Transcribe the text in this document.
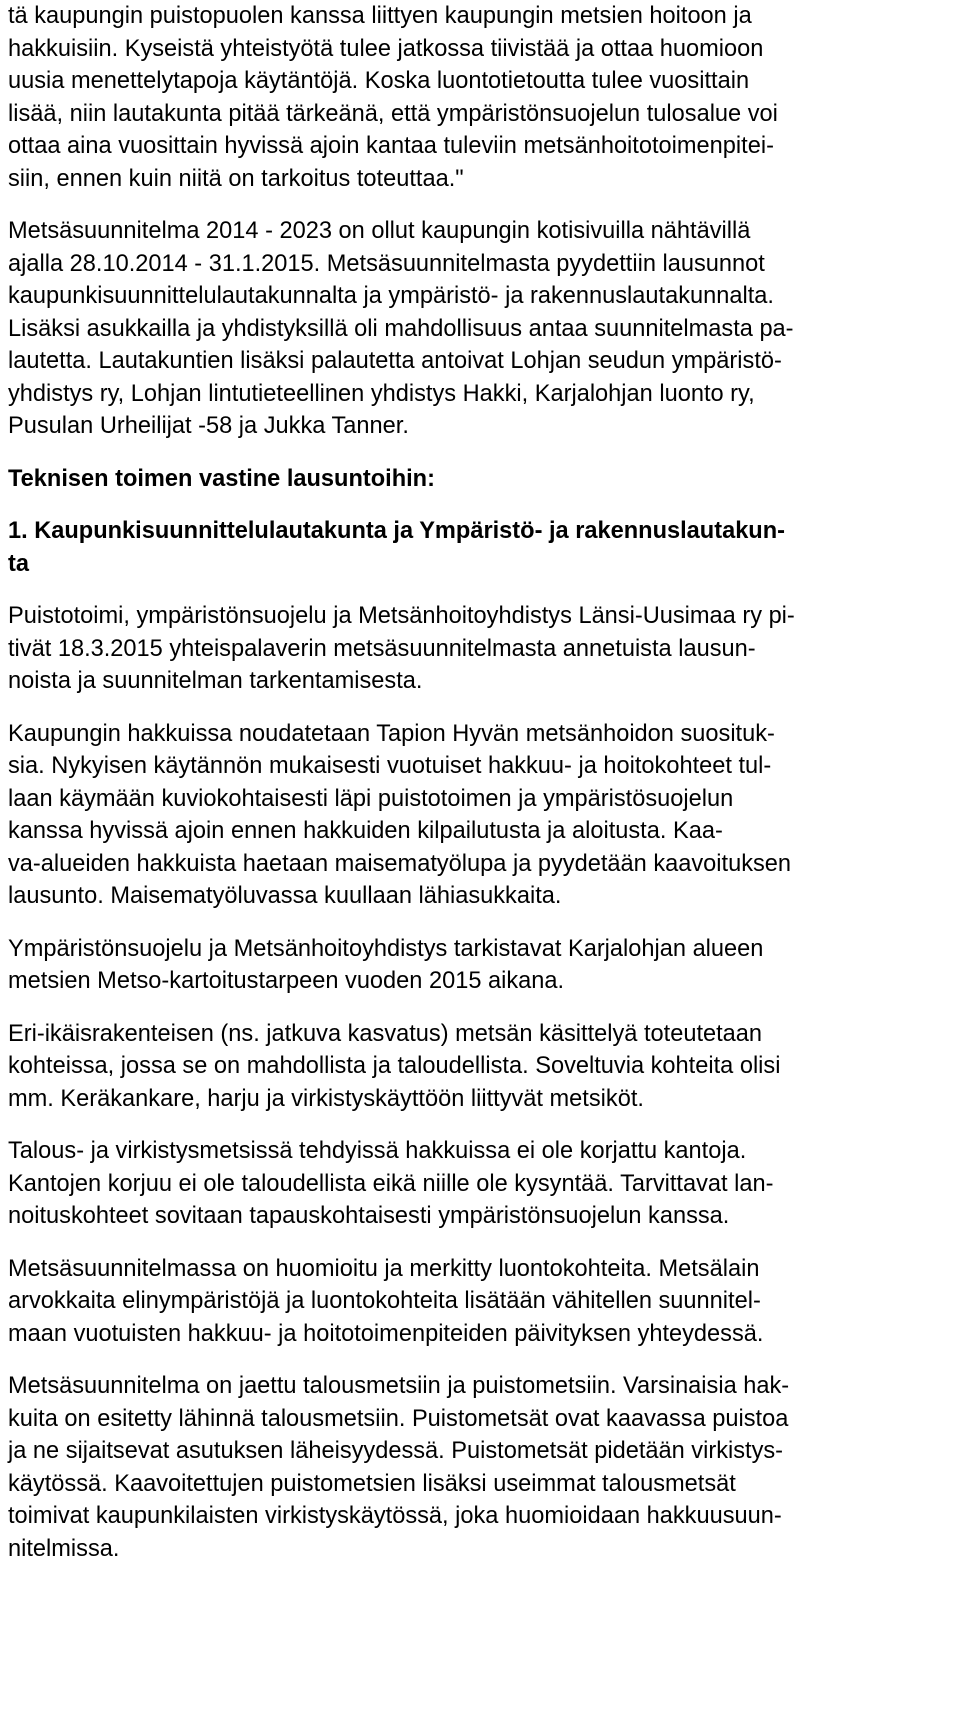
tä kaupungin puistopuolen kanssa liittyen kaupungin metsien hoitoon ja
hakkuisiin. Kyseistä yhteistyötä tulee jatkossa tiivistää ja ottaa huomioon
uusia menettelytapoja käytäntöjä. Koska luontotietoutta tulee vuosittain
lisää, niin lautakunta pitää tärkeänä, että ympäristönsuojelun tulosalue voi
ottaa aina vuosittain hyvissä ajoin kantaa tuleviin metsänhoitotoimenpitei-
siin, ennen kuin niitä on tarkoitus toteuttaa."
Metsäsuunnitelma 2014 - 2023 on ollut kaupungin kotisivuilla nähtävillä
ajalla 28.10.2014 - 31.1.2015. Metsäsuunnitelmasta pyydettiin lausunnot
kaupunkisuunnittelulautakunnalta ja ympäristö- ja rakennuslautakunnalta.
Lisäksi asukkailla ja yhdistyksillä oli mahdollisuus antaa suunnitelmasta pa-
lautetta. Lautakuntien lisäksi palautetta antoivat Lohjan seudun ympäristö-
yhdistys ry, Lohjan lintutieteellinen yhdistys Hakki, Karjalohjan luonto ry,
Pusulan Urheilijat -58 ja Jukka Tanner.
Teknisen toimen vastine lausuntoihin:
1. Kaupunkisuunnittelulautakunta ja Ympäristö- ja rakennuslautakun-
ta
Puistotoimi, ympäristönsuojelu ja Metsänhoitoyhdistys Länsi-Uusimaa ry pi-
tivät 18.3.2015 yhteispalaverin metsäsuunnitelmasta annetuista lausun-
noista ja suunnitelman tarkentamisesta.
Kaupungin hakkuissa noudatetaan Tapion Hyvän metsänhoidon suosituk-
sia. Nykyisen käytännön mukaisesti vuotuiset hakkuu- ja hoitokohteet tul-
laan käymään kuviokohtaisesti läpi puistotoimen ja ympäristösuojelun
kanssa hyvissä ajoin ennen hakkuiden kilpailutusta ja aloitusta. Kaa-
va-alueiden hakkuista haetaan maisematyölupa ja pyydetään kaavoituksen
lausunto. Maisematyöluvassa kuullaan lähiasukkaita.
Ympäristönsuojelu ja Metsänhoitoyhdistys tarkistavat Karjalohjan alueen
metsien Metso-kartoitustarpeen vuoden 2015 aikana.
Eri-ikäisrakenteisen (ns. jatkuva kasvatus) metsän käsittelyä toteutetaan
kohteissa, jossa se on mahdollista ja taloudellista. Soveltuvia kohteita olisi
mm. Keräkankare, harju ja virkistyskäyttöön liittyvät metsiköt.
Talous- ja virkistysmetsissä tehdyissä hakkuissa ei ole korjattu kantoja.
Kantojen korjuu ei ole taloudellista eikä niille ole kysyntää. Tarvittavat lan-
noituskohteet sovitaan tapauskohtaisesti ympäristönsuojelun kanssa.
Metsäsuunnitelmassa on huomioitu ja merkitty luontokohteita. Metsälain
arvokkaita elinympäristöjä ja luontokohteita lisätään vähitellen suunnitel-
maan vuotuisten hakkuu- ja hoitotoimenpiteiden päivityksen yhteydessä.
Metsäsuunnitelma on jaettu talousmetsiin ja puistometsiin. Varsinaisia hak-
kuita on esitetty lähinnä talousmetsiin. Puistometsät ovat kaavassa puistoa
ja ne sijaitsevat asutuksen läheisyydessä. Puistometsät pidetään virkistys-
käytössä. Kaavoitettujen puistometsien lisäksi useimmat talousmetsät
toimivat kaupunkilaisten virkistyskäytössä, joka huomioidaan hakkuusuun-
nitelmissa.
